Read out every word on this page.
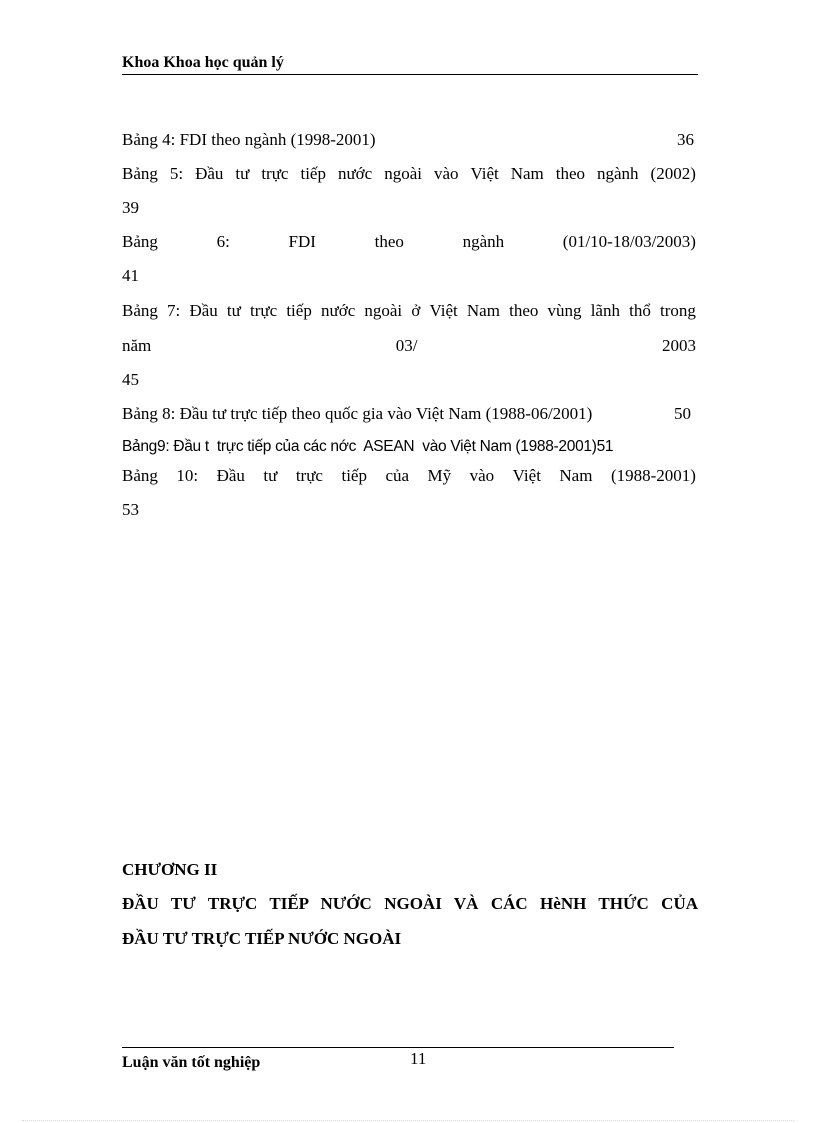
Khoa Khoa học quản lý
Bảng 4: FDI theo ngành (1998-2001)	36
Bảng 5: Đầu tư trực tiếp nước ngoài vào Việt Nam theo ngành (2002)
39
Bảng	6:	FDI	theo	ngành	(01/10-18/03/2003)
41
Bảng 7: Đầu tư trực tiếp nước ngoài ở Việt Nam theo vùng lãnh thổ trong
năm	03/	2003
45
Bảng 8: Đầu tư trực tiếp theo quốc gia vào Việt Nam (1988-06/2001)	50
Bảng9: Đầu t  trực tiếp của các nớc  ASEAN  vào Việt Nam (1988-2001)51
Bảng 10: Đầu tư trực tiếp của Mỹ vào Việt Nam (1988-2001)
53
CHƯƠNG II
ĐẦU TƯ TRỰC TIẾP NƯỚC NGOÀI VÀ CÁC HèNH THỨC CỦA
ĐẦU TƯ TRỰC TIẾP NƯỚC NGOÀI
Luận văn tốt nghiệp	11
